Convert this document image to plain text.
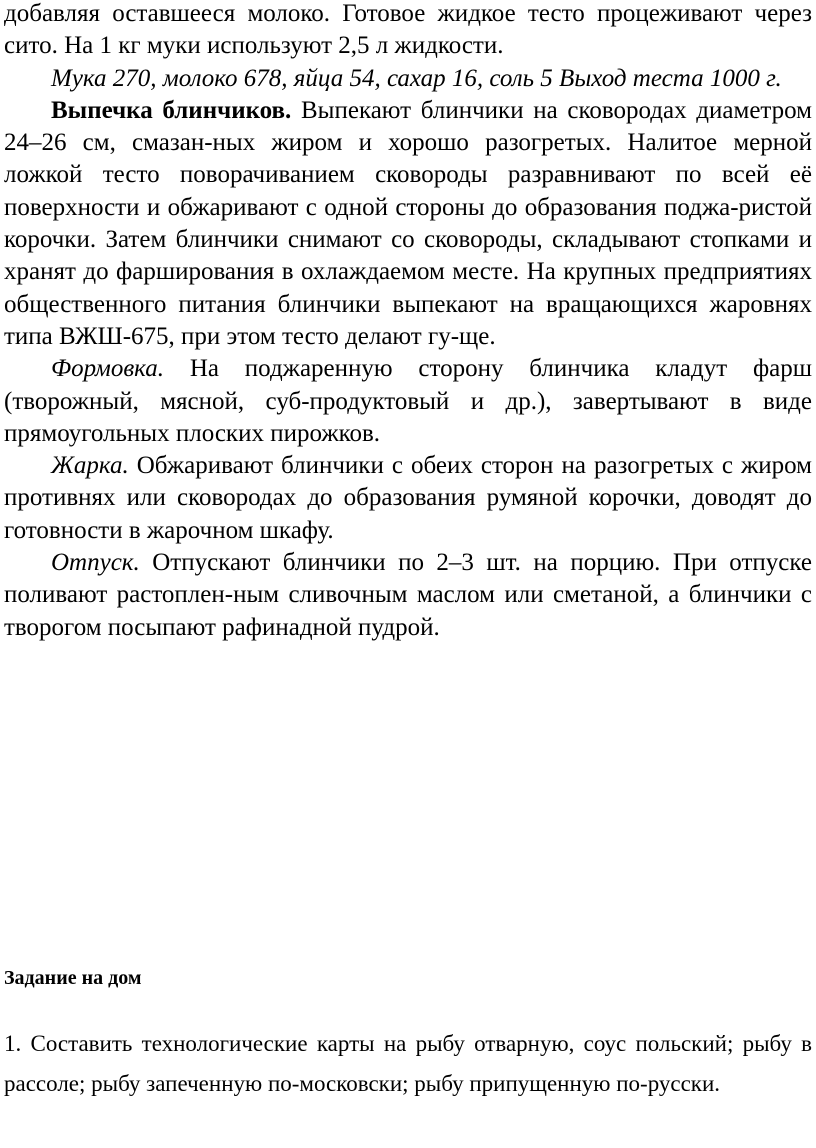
добавляя оставшееся молоко. Готовое жидкое тесто процеживают через сито. На 1 кг муки используют 2,5 л жидкости.

Мука 270, молоко 678, яйца 54, сахар 16, соль 5 Выход теста 1000 г.

Выпечка блинчиков. Выпекают блинчики на сковородах диаметром 24–26 см, смазан-ных жиром и хорошо разогретых. Налитое мерной ложкой тесто поворачиванием сковороды разравнивают по всей её поверхности и обжаривают с одной стороны до образования поджа-ристой корочки. Затем блинчики снимают со сковороды, складывают стопками и хранят до фарширования в охлаждаемом месте. На крупных предприятиях общественного питания блинчики выпекают на вращающихся жаровнях типа ВЖШ-675, при этом тесто делают гу-ще.

Формовка. На поджаренную сторону блинчика кладут фарш (творожный, мясной, суб-продуктовый и др.), завертывают в виде прямоугольных плоских пирожков.

Жарка. Обжаривают блинчики с обеих сторон на разогретых с жиром противнях или сковородах до образования румяной корочки, доводят до готовности в жарочном шкафу.

Отпуск. Отпускают блинчики по 2–3 шт. на порцию. При отпуске поливают растоплен-ным сливочным маслом или сметаной, а блинчики с творогом посыпают рафинадной пудрой.

Задание на дом

1. Составить технологические карты на рыбу отварную, соус польский; рыбу в рассоле; рыбу запеченную по-московски; рыбу припущенную по-русски.
